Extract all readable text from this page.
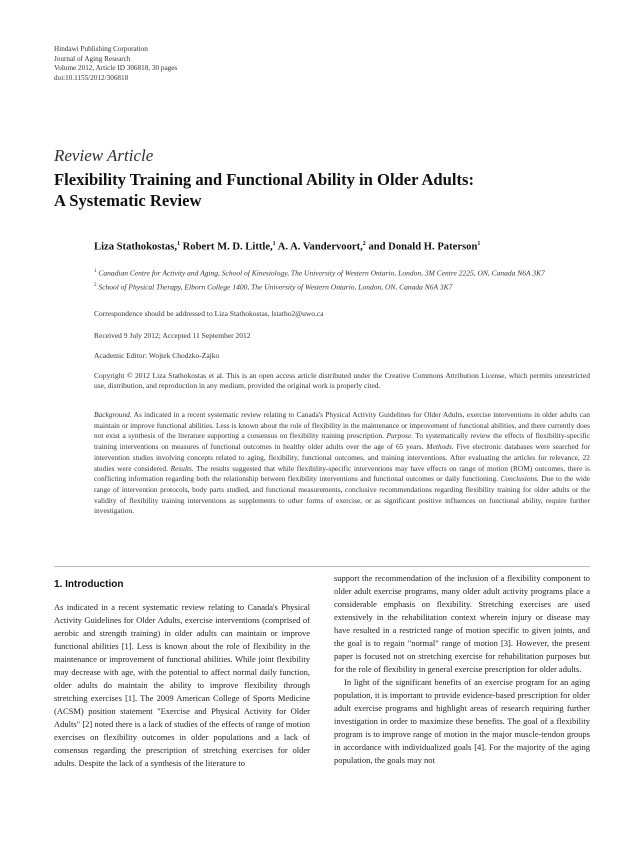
Hindawi Publishing Corporation
Journal of Aging Research
Volume 2012, Article ID 306818, 30 pages
doi:10.1155/2012/306818
Review Article
Flexibility Training and Functional Ability in Older Adults:
A Systematic Review
Liza Stathokostas,$^1$ Robert M. D. Little,$^1$ A. A. Vandervoort,$^2$ and Donald H. Paterson$^1$
$^1$ Canadian Centre for Activity and Aging, School of Kinesiology, The University of Western Ontario, London, 3M Centre 2225, ON, Canada N6A 3K7
$^2$ School of Physical Therapy, Elborn College 1400, The University of Western Ontario, London, ON, Canada N6A 3K7
Correspondence should be addressed to Liza Stathokostas, lstatho2@uwo.ca
Received 9 July 2012; Accepted 11 September 2012
Academic Editor: Wojtek Chodzko-Zajko
Copyright © 2012 Liza Stathokostas et al. This is an open access article distributed under the Creative Commons Attribution License, which permits unrestricted use, distribution, and reproduction in any medium, provided the original work is properly cited.
Background. As indicated in a recent systematic review relating to Canada's Physical Activity Guidelines for Older Adults, exercise interventions in older adults can maintain or improve functional abilities. Less is known about the role of flexibility in the maintenance or improvement of functional abilities, and there currently does not exist a synthesis of the literature supporting a consensus on flexibility training prescription. Purpose. To systematically review the effects of flexibility-specific training interventions on measures of functional outcomes in healthy older adults over the age of 65 years. Methods. Five electronic databases were searched for intervention studies involving concepts related to aging, flexibility, functional outcomes, and training interventions. After evaluating the articles for relevance, 22 studies were considered. Results. The results suggested that while flexibility-specific interventions may have effects on range of motion (ROM) outcomes, there is conflicting information regarding both the relationship between flexibility interventions and functional outcomes or daily functioning. Conclusions. Due to the wide range of intervention protocols, body parts studied, and functional measurements, conclusive recommendations regarding flexibility training for older adults or the validity of flexibility training interventions as supplements to other forms of exercise, or as significant positive influences on functional ability, require further investigation.
1. Introduction

As indicated in a recent systematic review relating to Canada's Physical Activity Guidelines for Older Adults, exercise interventions (comprised of aerobic and strength training) in older adults can maintain or improve functional abilities [1]. Less is known about the role of flexibility in the maintenance or improvement of functional abilities. While joint flexibility may decrease with age, with the potential to affect normal daily function, older adults do maintain the ability to improve flexibility through stretching exercises [1]. The 2009 American College of Sports Medicine (ACSM) position statement "Exercise and Physical Activity for Older Adults" [2] noted there is a lack of studies of the effects of range of motion exercises on flexibility outcomes in older populations and a lack of consensus regarding the prescription of stretching exercises for older adults. Despite the lack of a synthesis of the literature to

support the recommendation of the inclusion of a flexibility component to older adult exercise programs, many older adult activity programs place a considerable emphasis on flexibility. Stretching exercises are used extensively in the rehabilitation context wherein injury or disease may have resulted in a restricted range of motion specific to given joints, and the goal is to regain "normal" range of motion [3]. However, the present paper is focused not on stretching exercise for rehabilitation purposes but for the role of flexibility in general exercise prescription for older adults.

In light of the significant benefits of an exercise program for an aging population, it is important to provide evidence-based prescription for older adult exercise programs and highlight areas of research requiring further investigation in order to maximize these benefits. The goal of a flexibility program is to improve range of motion in the major muscle-tendon groups in accordance with individualized goals [4]. For the majority of the aging population, the goals may not
